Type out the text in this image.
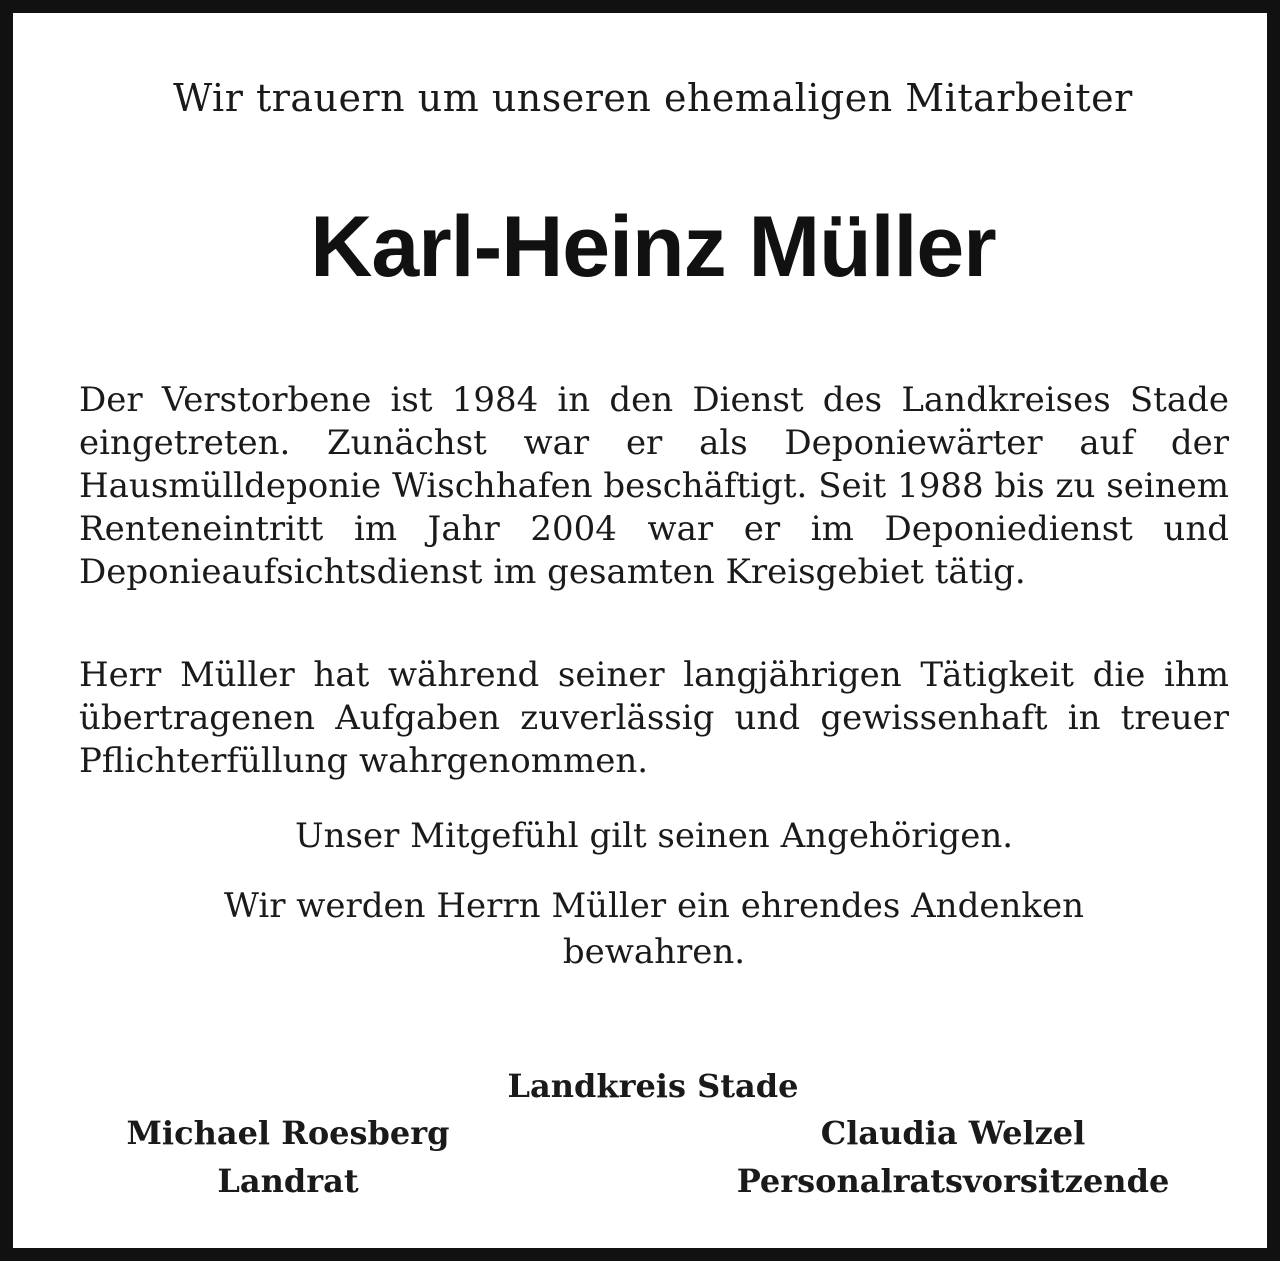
Wir trauern um unseren ehemaligen Mitarbeiter
Karl-Heinz Müller
Der Verstorbene ist 1984 in den Dienst des Landkreises Stade eingetreten. Zunächst war er als Deponiewärter auf der Hausmülldeponie Wischhafen beschäftigt. Seit 1988 bis zu seinem Renteneintritt im Jahr 2004 war er im Deponiedienst und Deponieaufsichtsdienst im gesamten Kreisgebiet tätig.
Herr Müller hat während seiner langjährigen Tätigkeit die ihm übertragenen Aufgaben zuverlässig und gewissenhaft in treuer Pflichterfüllung wahrgenommen.
Unser Mitgefühl gilt seinen Angehörigen.
Wir werden Herrn Müller ein ehrendes Andenken
bewahren.
Landkreis Stade
Michael Roesberg
Landrat
Claudia Welzel
Personalratsvorsitzende
